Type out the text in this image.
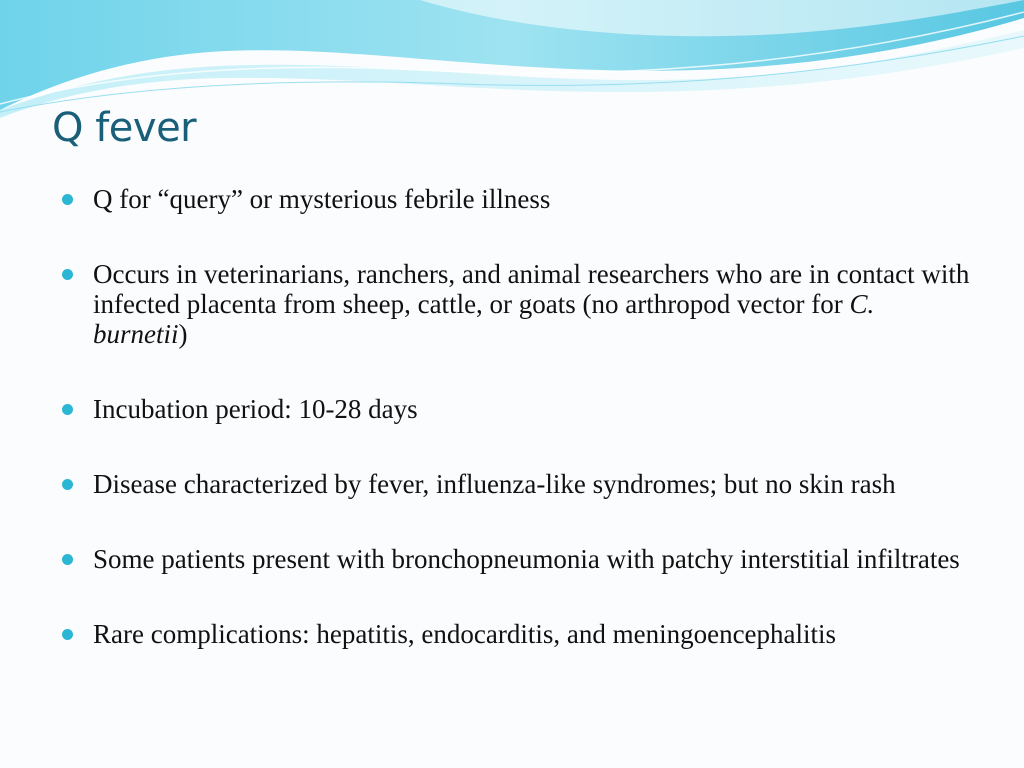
Q fever
Q for “query” or mysterious febrile illness
Occurs in veterinarians, ranchers, and animal researchers who are in contact with infected placenta from sheep, cattle, or goats (no arthropod vector for C. burnetii)
Incubation period: 10-28 days
Disease characterized by fever, influenza-like syndromes; but no skin rash
Some patients present with bronchopneumonia with patchy interstitial infiltrates
Rare complications: hepatitis, endocarditis, and meningoencephalitis
